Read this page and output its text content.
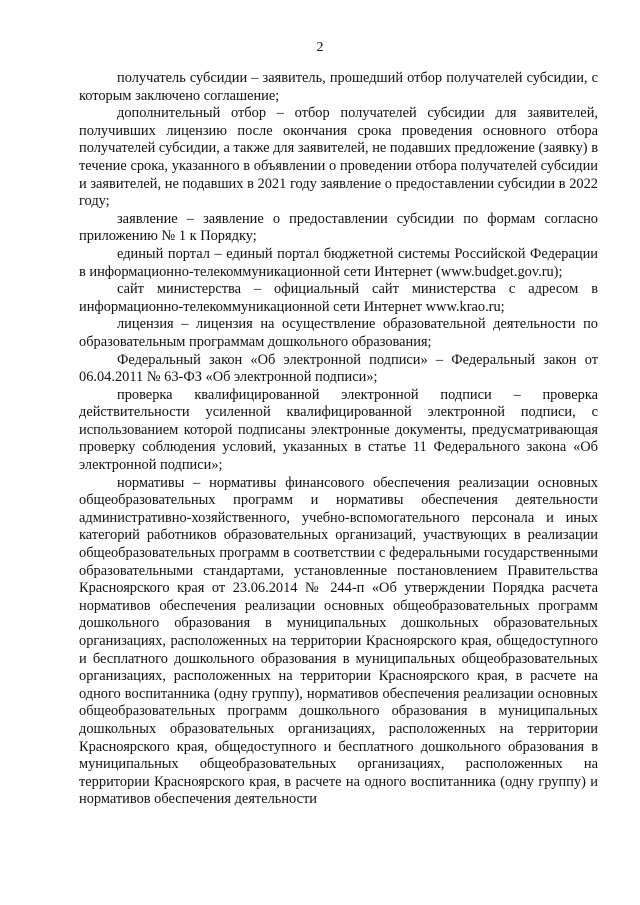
2

получатель субсидии – заявитель, прошедший отбор получателей субсидии, с которым заключено соглашение;

дополнительный отбор – отбор получателей субсидии для заявителей, получивших лицензию после окончания срока проведения основного отбора получателей субсидии, а также для заявителей, не подавших предложение (заявку) в течение срока, указанного в объявлении о проведении отбора получателей субсидии и заявителей, не подавших в 2021 году заявление о предоставлении субсидии в 2022 году;

заявление – заявление о предоставлении субсидии по формам согласно приложению № 1 к Порядку;

единый портал – единый портал бюджетной системы Российской Федерации в информационно-телекоммуникационной сети Интернет (www.budget.gov.ru);

сайт министерства – официальный сайт министерства с адресом в информационно-телекоммуникационной сети Интернет www.krao.ru;

лицензия – лицензия на осуществление образовательной деятельности по образовательным программам дошкольного образования;

Федеральный закон «Об электронной подписи» – Федеральный закон от 06.04.2011 № 63-ФЗ «Об электронной подписи»;

проверка квалифицированной электронной подписи – проверка действительности усиленной квалифицированной электронной подписи, с использованием которой подписаны электронные документы, предусматривающая проверку соблюдения условий, указанных в статье 11 Федерального закона «Об электронной подписи»;

нормативы – нормативы финансового обеспечения реализации основных общеобразовательных программ и нормативы обеспечения деятельности административно-хозяйственного, учебно-вспомогательного персонала и иных категорий работников образовательных организаций, участвующих в реализации общеобразовательных программ в соответствии с федеральными государственными образовательными стандартами, установленные постановлением Правительства Красноярского края от 23.06.2014 № 244-п «Об утверждении Порядка расчета нормативов обеспечения реализации основных общеобразовательных программ дошкольного образования в муниципальных дошкольных образовательных организациях, расположенных на территории Красноярского края, общедоступного и бесплатного дошкольного образования в муниципальных общеобразовательных организациях, расположенных на территории Красноярского края, в расчете на одного воспитанника (одну группу), нормативов обеспечения реализации основных общеобразовательных программ дошкольного образования в муниципальных дошкольных образовательных организациях, расположенных на территории Красноярского края, общедоступного и бесплатного дошкольного образования в муниципальных общеобразовательных организациях, расположенных на территории Красноярского края, в расчете на одного воспитанника (одну группу) и нормативов обеспечения деятельности
